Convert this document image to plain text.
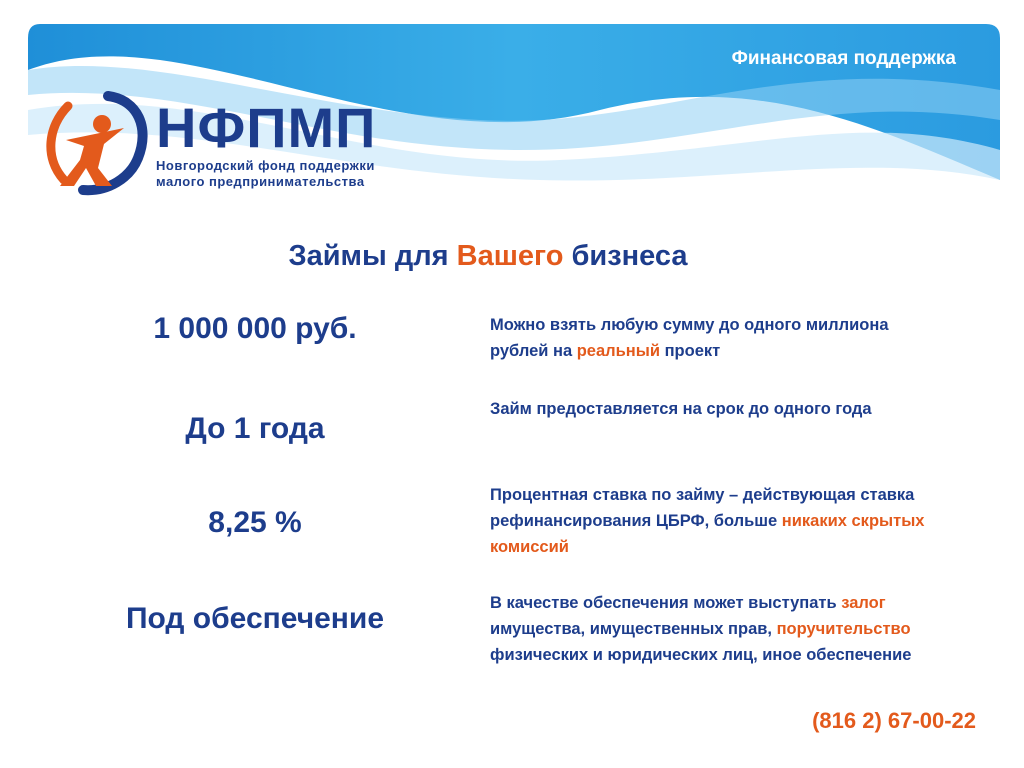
Финансовая поддержка
НФПМП
Новгородский фонд поддержки
малого предпринимательства
Займы для Вашего бизнеса
1 000 000 руб.
До 1 года
8,25 %
Под обеспечение
Можно взять любую сумму до одного миллиона рублей на реальный проект
Займ предоставляется на срок до одного года
Процентная ставка по займу – действующая ставка рефинансирования ЦБРФ, больше никаких скрытых комиссий
В качестве обеспечения может выступать залог имущества, имущественных прав, поручительство физических и юридических лиц, иное обеспечение
(816 2) 67-00-22
